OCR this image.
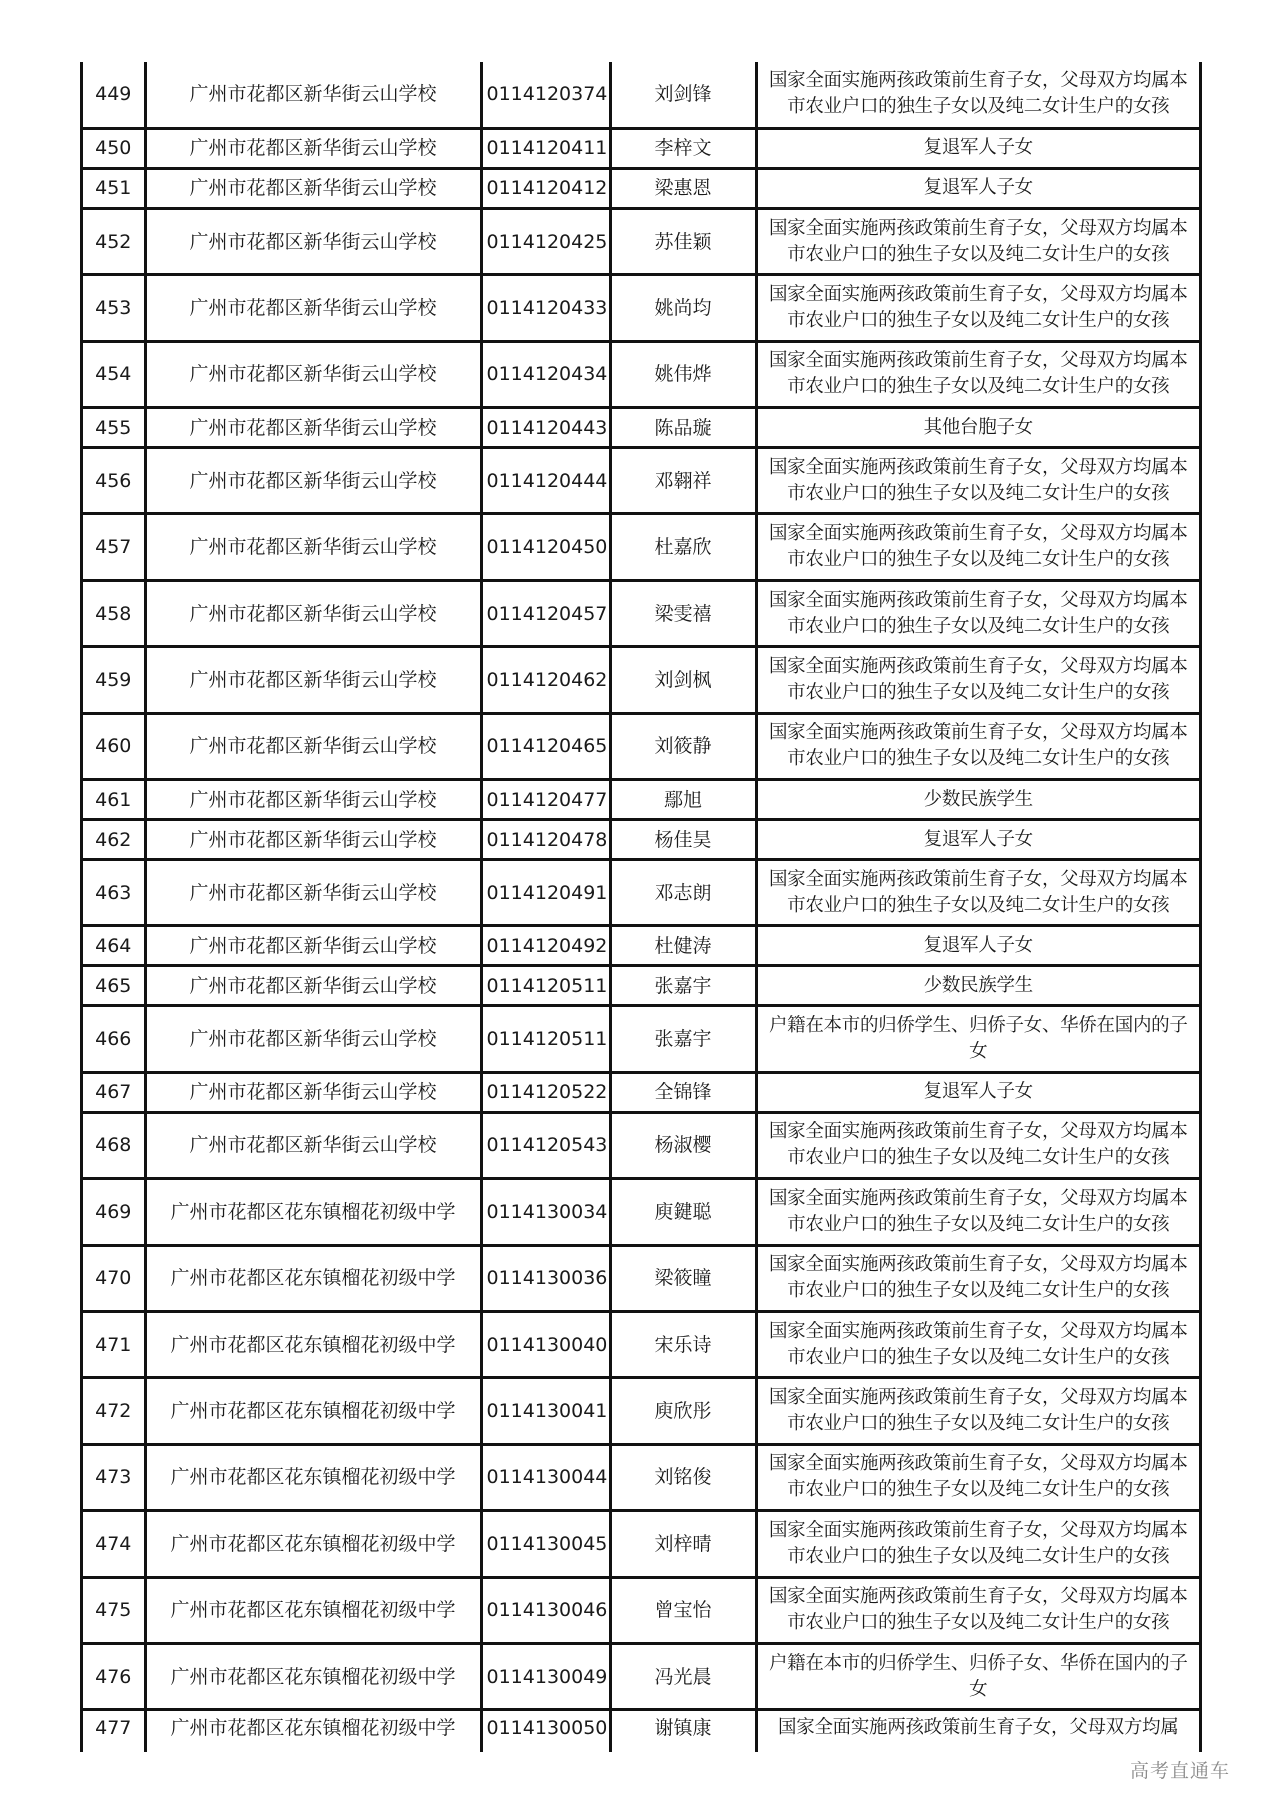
449	广州市花都区新华街云山学校	0114120374	刘剑锋	国家全面实施两孩政策前生育子女，父母双方均属本市农业户口的独生子女以及纯二女计生户的女孩
450	广州市花都区新华街云山学校	0114120411	李梓文	复退军人子女
451	广州市花都区新华街云山学校	0114120412	梁惠恩	复退军人子女
452	广州市花都区新华街云山学校	0114120425	苏佳颖	国家全面实施两孩政策前生育子女，父母双方均属本市农业户口的独生子女以及纯二女计生户的女孩
453	广州市花都区新华街云山学校	0114120433	姚尚均	国家全面实施两孩政策前生育子女，父母双方均属本市农业户口的独生子女以及纯二女计生户的女孩
454	广州市花都区新华街云山学校	0114120434	姚伟烨	国家全面实施两孩政策前生育子女，父母双方均属本市农业户口的独生子女以及纯二女计生户的女孩
455	广州市花都区新华街云山学校	0114120443	陈品璇	其他台胞子女
456	广州市花都区新华街云山学校	0114120444	邓翱祥	国家全面实施两孩政策前生育子女，父母双方均属本市农业户口的独生子女以及纯二女计生户的女孩
457	广州市花都区新华街云山学校	0114120450	杜嘉欣	国家全面实施两孩政策前生育子女，父母双方均属本市农业户口的独生子女以及纯二女计生户的女孩
458	广州市花都区新华街云山学校	0114120457	梁雯禧	国家全面实施两孩政策前生育子女，父母双方均属本市农业户口的独生子女以及纯二女计生户的女孩
459	广州市花都区新华街云山学校	0114120462	刘剑枫	国家全面实施两孩政策前生育子女，父母双方均属本市农业户口的独生子女以及纯二女计生户的女孩
460	广州市花都区新华街云山学校	0114120465	刘筱静	国家全面实施两孩政策前生育子女，父母双方均属本市农业户口的独生子女以及纯二女计生户的女孩
461	广州市花都区新华街云山学校	0114120477	鄢旭	少数民族学生
462	广州市花都区新华街云山学校	0114120478	杨佳昊	复退军人子女
463	广州市花都区新华街云山学校	0114120491	邓志朗	国家全面实施两孩政策前生育子女，父母双方均属本市农业户口的独生子女以及纯二女计生户的女孩
464	广州市花都区新华街云山学校	0114120492	杜健涛	复退军人子女
465	广州市花都区新华街云山学校	0114120511	张嘉宇	少数民族学生
466	广州市花都区新华街云山学校	0114120511	张嘉宇	户籍在本市的归侨学生、归侨子女、华侨在国内的子女
467	广州市花都区新华街云山学校	0114120522	全锦锋	复退军人子女
468	广州市花都区新华街云山学校	0114120543	杨淑樱	国家全面实施两孩政策前生育子女，父母双方均属本市农业户口的独生子女以及纯二女计生户的女孩
469	广州市花都区花东镇榴花初级中学	0114130034	庾鍵聪	国家全面实施两孩政策前生育子女，父母双方均属本市农业户口的独生子女以及纯二女计生户的女孩
470	广州市花都区花东镇榴花初级中学	0114130036	梁筱瞳	国家全面实施两孩政策前生育子女，父母双方均属本市农业户口的独生子女以及纯二女计生户的女孩
471	广州市花都区花东镇榴花初级中学	0114130040	宋乐诗	国家全面实施两孩政策前生育子女，父母双方均属本市农业户口的独生子女以及纯二女计生户的女孩
472	广州市花都区花东镇榴花初级中学	0114130041	庾欣彤	国家全面实施两孩政策前生育子女，父母双方均属本市农业户口的独生子女以及纯二女计生户的女孩
473	广州市花都区花东镇榴花初级中学	0114130044	刘铭俊	国家全面实施两孩政策前生育子女，父母双方均属本市农业户口的独生子女以及纯二女计生户的女孩
474	广州市花都区花东镇榴花初级中学	0114130045	刘梓晴	国家全面实施两孩政策前生育子女，父母双方均属本市农业户口的独生子女以及纯二女计生户的女孩
475	广州市花都区花东镇榴花初级中学	0114130046	曾宝怡	国家全面实施两孩政策前生育子女，父母双方均属本市农业户口的独生子女以及纯二女计生户的女孩
476	广州市花都区花东镇榴花初级中学	0114130049	冯光晨	户籍在本市的归侨学生、归侨子女、华侨在国内的子女
477	广州市花都区花东镇榴花初级中学	0114130050	谢镇康	国家全面实施两孩政策前生育子女，父母双方均属
高考直通车
